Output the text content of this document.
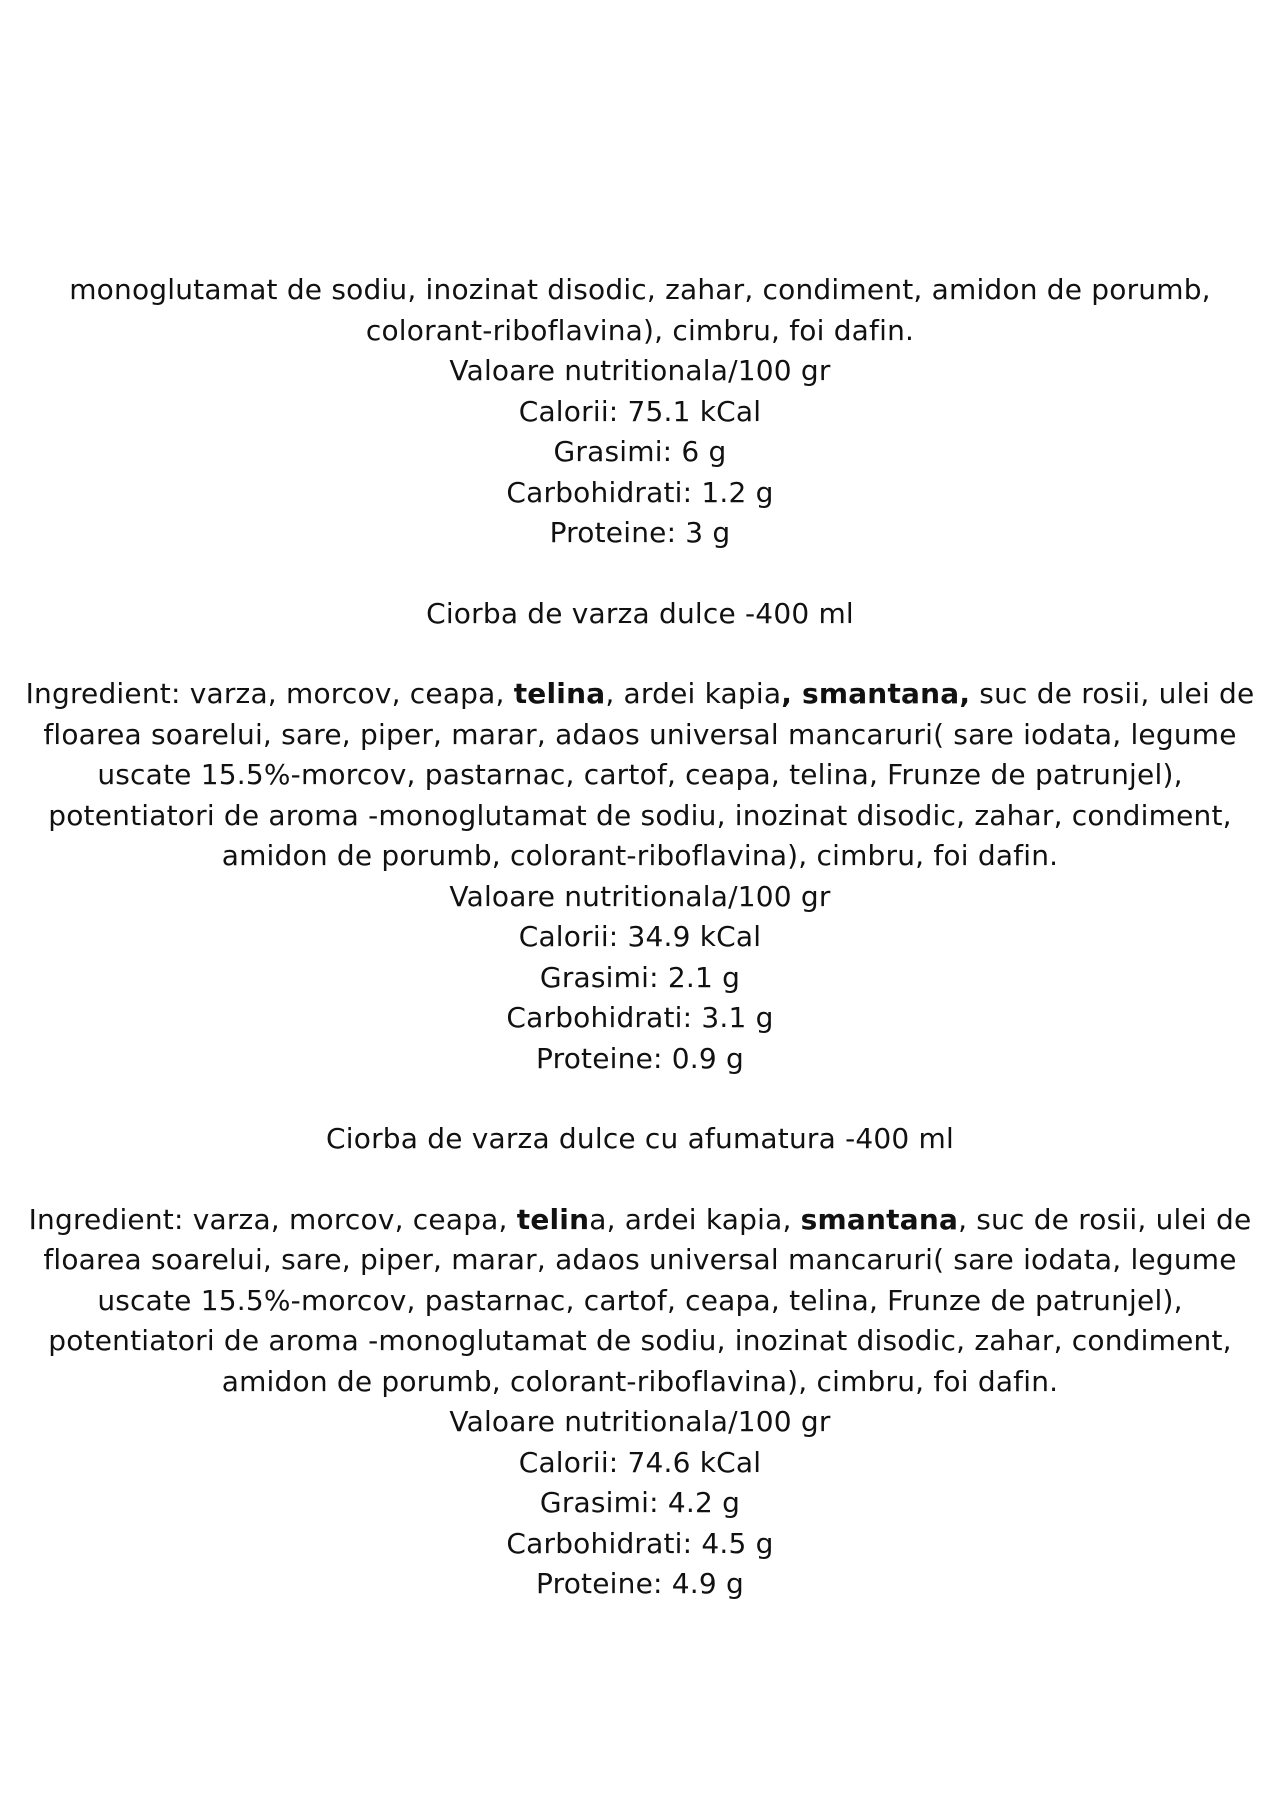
monoglutamat de sodiu, inozinat disodic, zahar, condiment, amidon de porumb,
colorant-riboflavina), cimbru, foi dafin.
Valoare nutritionala/100 gr
Calorii: 75.1 kCal
Grasimi: 6 g
Carbohidrati: 1.2 g
Proteine: 3 g
Ciorba de varza dulce -400 ml
Ingredient: varza, morcov, ceapa, telina, ardei kapia, smantana, suc de rosii, ulei de
floarea soarelui, sare, piper, marar, adaos universal mancaruri( sare iodata, legume
uscate 15.5%-morcov, pastarnac, cartof, ceapa, telina, Frunze de patrunjel),
potentiatori de aroma -monoglutamat de sodiu, inozinat disodic, zahar, condiment,
amidon de porumb, colorant-riboflavina), cimbru, foi dafin.
Valoare nutritionala/100 gr
Calorii: 34.9 kCal
Grasimi: 2.1 g
Carbohidrati: 3.1 g
Proteine: 0.9 g
Ciorba de varza dulce cu afumatura -400 ml
Ingredient: varza, morcov, ceapa, telina, ardei kapia, smantana, suc de rosii, ulei de
floarea soarelui, sare, piper, marar, adaos universal mancaruri( sare iodata, legume
uscate 15.5%-morcov, pastarnac, cartof, ceapa, telina, Frunze de patrunjel),
potentiatori de aroma -monoglutamat de sodiu, inozinat disodic, zahar, condiment,
amidon de porumb, colorant-riboflavina), cimbru, foi dafin.
Valoare nutritionala/100 gr
Calorii: 74.6 kCal
Grasimi: 4.2 g
Carbohidrati: 4.5 g
Proteine: 4.9 g
